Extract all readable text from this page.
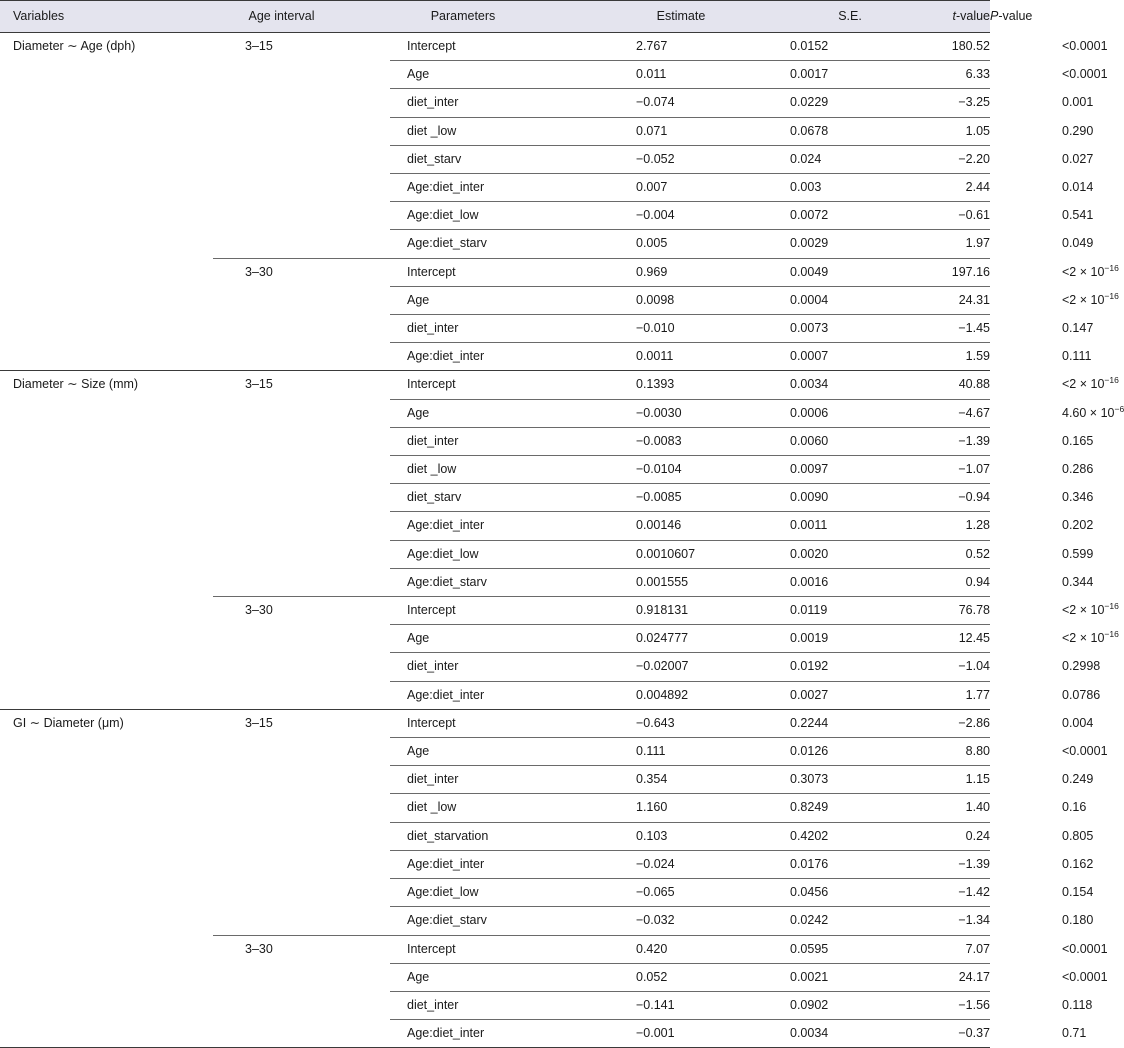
Variables	Age interval	Parameters	Estimate	S.E.	t-value	P-value
Diameter ∼ Age (dph)	3–15	Intercept	2.767	0.0152	180.52	<0.0001
		Age	0.011	0.0017	6.33	<0.0001
		diet_inter	−0.074	0.0229	−3.25	0.001
		diet _low	0.071	0.0678	1.05	0.290
		diet_starv	−0.052	0.024	−2.20	0.027
		Age:diet_inter	0.007	0.003	2.44	0.014
		Age:diet_low	−0.004	0.0072	−0.61	0.541
		Age:diet_starv	0.005	0.0029	1.97	0.049
	3–30	Intercept	0.969	0.0049	197.16	$<2 \times 10^{-16}$
		Age	0.0098	0.0004	24.31	$<2 \times 10^{-16}$
		diet_inter	−0.010	0.0073	−1.45	0.147
		Age:diet_inter	0.0011	0.0007	1.59	0.111
Diameter ∼ Size (mm)	3–15	Intercept	0.1393	0.0034	40.88	$<2 \times 10^{-16}$
		Age	−0.0030	0.0006	−4.67	$4.60 \times 10^{-6}$
		diet_inter	−0.0083	0.0060	−1.39	0.165
		diet _low	−0.0104	0.0097	−1.07	0.286
		diet_starv	−0.0085	0.0090	−0.94	0.346
		Age:diet_inter	0.00146	0.0011	1.28	0.202
		Age:diet_low	0.0010607	0.0020	0.52	0.599
		Age:diet_starv	0.001555	0.0016	0.94	0.344
	3–30	Intercept	0.918131	0.0119	76.78	$<2 \times 10^{-16}$
		Age	0.024777	0.0019	12.45	$<2 \times 10^{-16}$
		diet_inter	−0.02007	0.0192	−1.04	0.2998
		Age:diet_inter	0.004892	0.0027	1.77	0.0786
GI ∼ Diameter (μm)	3–15	Intercept	−0.643	0.2244	−2.86	0.004
		Age	0.111	0.0126	8.80	<0.0001
		diet_inter	0.354	0.3073	1.15	0.249
		diet _low	1.160	0.8249	1.40	0.16
		diet_starvation	0.103	0.4202	0.24	0.805
		Age:diet_inter	−0.024	0.0176	−1.39	0.162
		Age:diet_low	−0.065	0.0456	−1.42	0.154
		Age:diet_starv	−0.032	0.0242	−1.34	0.180
	3–30	Intercept	0.420	0.0595	7.07	<0.0001
		Age	0.052	0.0021	24.17	<0.0001
		diet_inter	−0.141	0.0902	−1.56	0.118
		Age:diet_inter	−0.001	0.0034	−0.37	0.71
